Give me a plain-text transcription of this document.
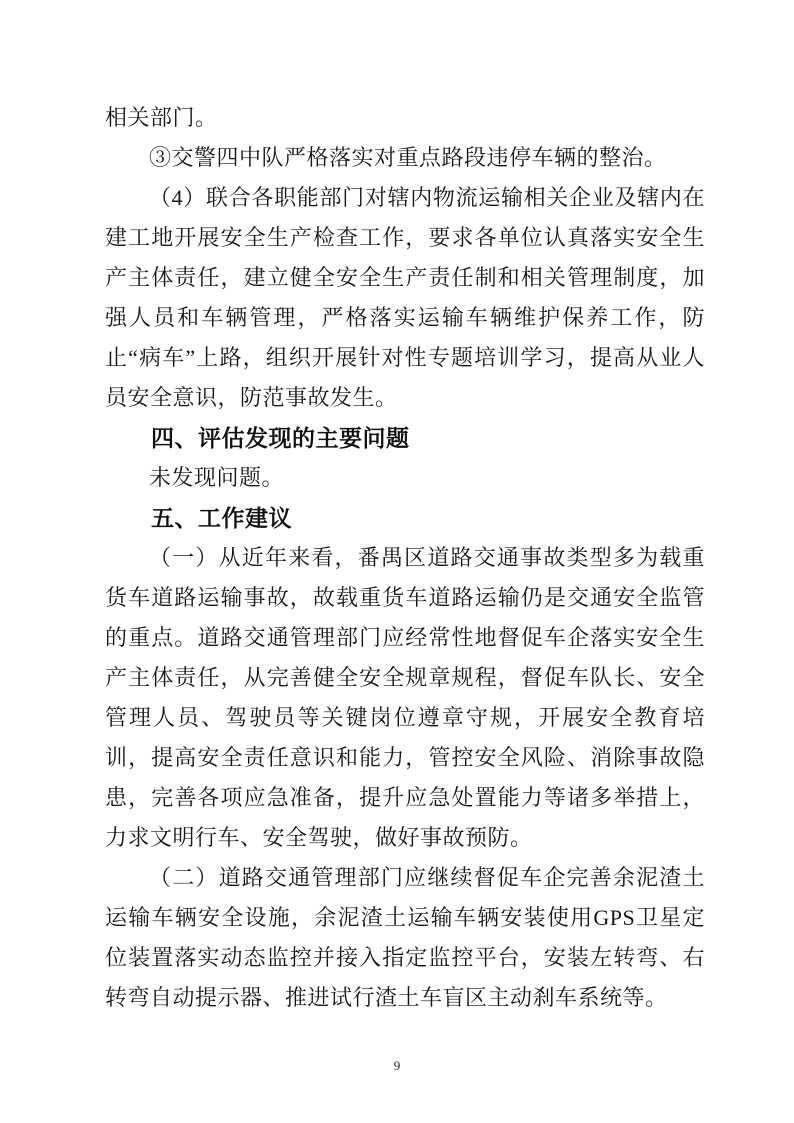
相关部门。

③交警四中队严格落实对重点路段违停车辆的整治。

（4）联合各职能部门对辖内物流运输相关企业及辖内在建工地开展安全生产检查工作，要求各单位认真落实安全生产主体责任，建立健全安全生产责任制和相关管理制度，加强人员和车辆管理，严格落实运输车辆维护保养工作，防止“病车”上路，组织开展针对性专题培训学习，提高从业人员安全意识，防范事故发生。

四、评估发现的主要问题

未发现问题。

五、工作建议

（一）从近年来看，番禺区道路交通事故类型多为载重货车道路运输事故，故载重货车道路运输仍是交通安全监管的重点。道路交通管理部门应经常性地督促车企落实安全生产主体责任，从完善健全安全规章规程，督促车队长、安全管理人员、驾驶员等关键岗位遵章守规，开展安全教育培训，提高安全责任意识和能力，管控安全风险、消除事故隐患，完善各项应急准备，提升应急处置能力等诸多举措上，力求文明行车、安全驾驶，做好事故预防。

（二）道路交通管理部门应继续督促车企完善余泥渣土运输车辆安全设施，余泥渣土运输车辆安装使用GPS卫星定位装置落实动态监控并接入指定监控平台，安装左转弯、右转弯自动提示器、推进试行渣土车盲区主动刹车系统等。

9
